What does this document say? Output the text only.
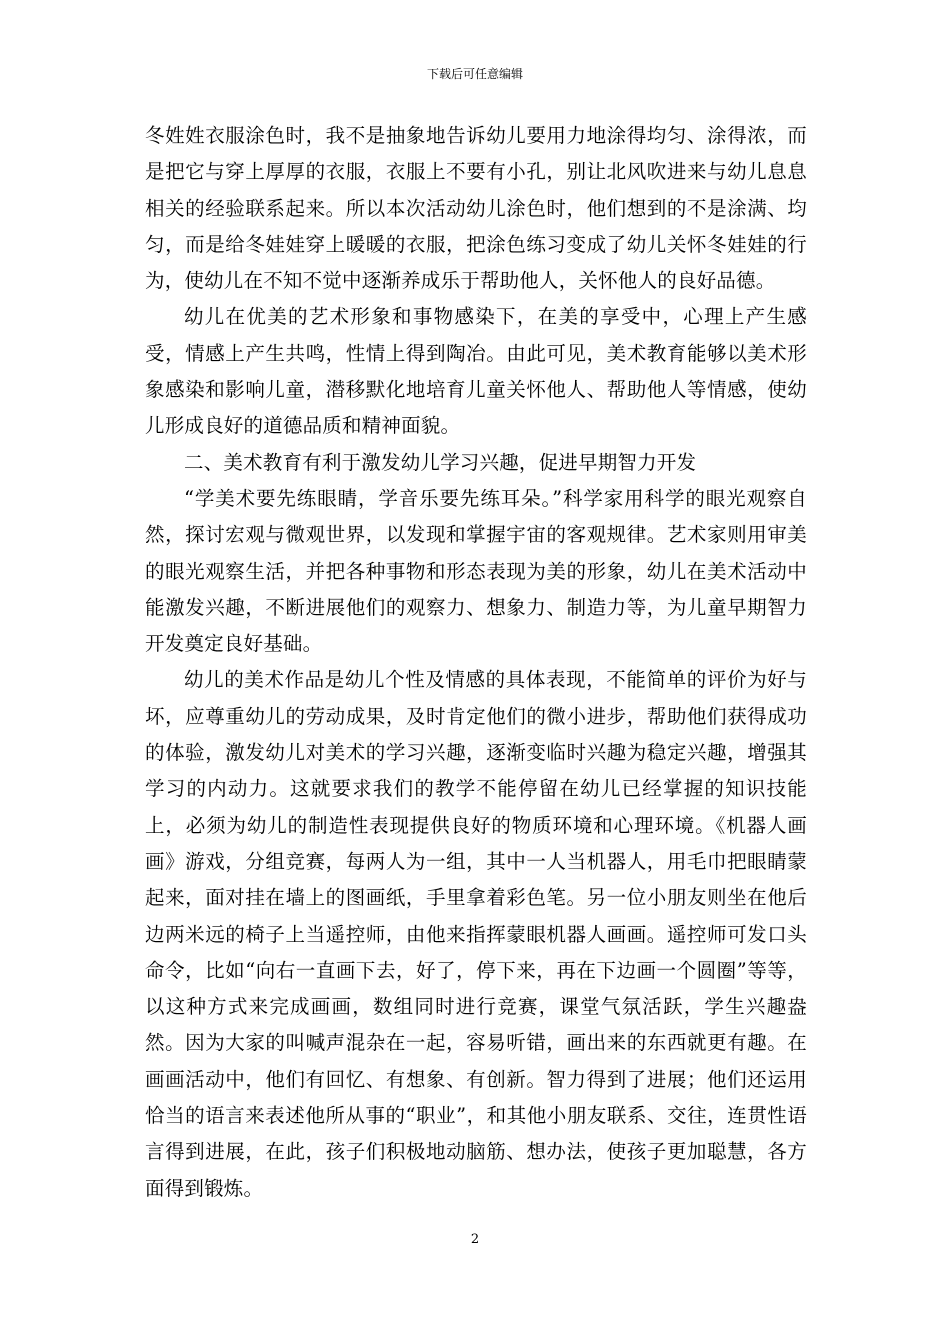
下载后可任意编辑

冬姓姓衣服涂色时，我不是抽象地告诉幼儿要用力地涂得均匀、涂得浓，而是把它与穿上厚厚的衣服，衣服上不要有小孔，别让北风吹进来与幼儿息息相关的经验联系起来。所以本次活动幼儿涂色时，他们想到的不是涂满、均匀，而是给冬娃娃穿上暖暖的衣服，把涂色练习变成了幼儿关怀冬娃娃的行为，使幼儿在不知不觉中逐渐养成乐于帮助他人，关怀他人的良好品德。

幼儿在优美的艺术形象和事物感染下，在美的享受中，心理上产生感受，情感上产生共鸣，性情上得到陶冶。由此可见，美术教育能够以美术形象感染和影响儿童，潜移默化地培育儿童关怀他人、帮助他人等情感，使幼儿形成良好的道德品质和精神面貌。

二、美术教育有利于激发幼儿学习兴趣，促进早期智力开发

“学美术要先练眼睛，学音乐要先练耳朵。”科学家用科学的眼光观察自然，探讨宏观与微观世界，以发现和掌握宇宙的客观规律。艺术家则用审美的眼光观察生活，并把各种事物和形态表现为美的形象，幼儿在美术活动中能激发兴趣，不断进展他们的观察力、想象力、制造力等，为儿童早期智力开发奠定良好基础。

幼儿的美术作品是幼儿个性及情感的具体表现，不能简单的评价为好与坏，应尊重幼儿的劳动成果，及时肯定他们的微小进步，帮助他们获得成功的体验，激发幼儿对美术的学习兴趣，逐渐变临时兴趣为稳定兴趣，增强其学习的内动力。这就要求我们的教学不能停留在幼儿已经掌握的知识技能上，必须为幼儿的制造性表现提供良好的物质环境和心理环境。《机器人画画》游戏，分组竞赛，每两人为一组，其中一人当机器人，用毛巾把眼睛蒙起来，面对挂在墙上的图画纸，手里拿着彩色笔。另一位小朋友则坐在他后边两米远的椅子上当遥控师，由他来指挥蒙眼机器人画画。遥控师可发口头命令，比如“向右一直画下去，好了，停下来，再在下边画一个圆圈”等等，以这种方式来完成画画，数组同时进行竞赛，课堂气氛活跃，学生兴趣盎然。因为大家的叫喊声混杂在一起，容易听错，画出来的东西就更有趣。在画画活动中，他们有回忆、有想象、有创新。智力得到了进展；他们还运用恰当的语言来表述他所从事的“职业”，和其他小朋友联系、交往，连贯性语言得到进展，在此，孩子们积极地动脑筋、想办法，使孩子更加聪慧，各方面得到锻炼。

2
